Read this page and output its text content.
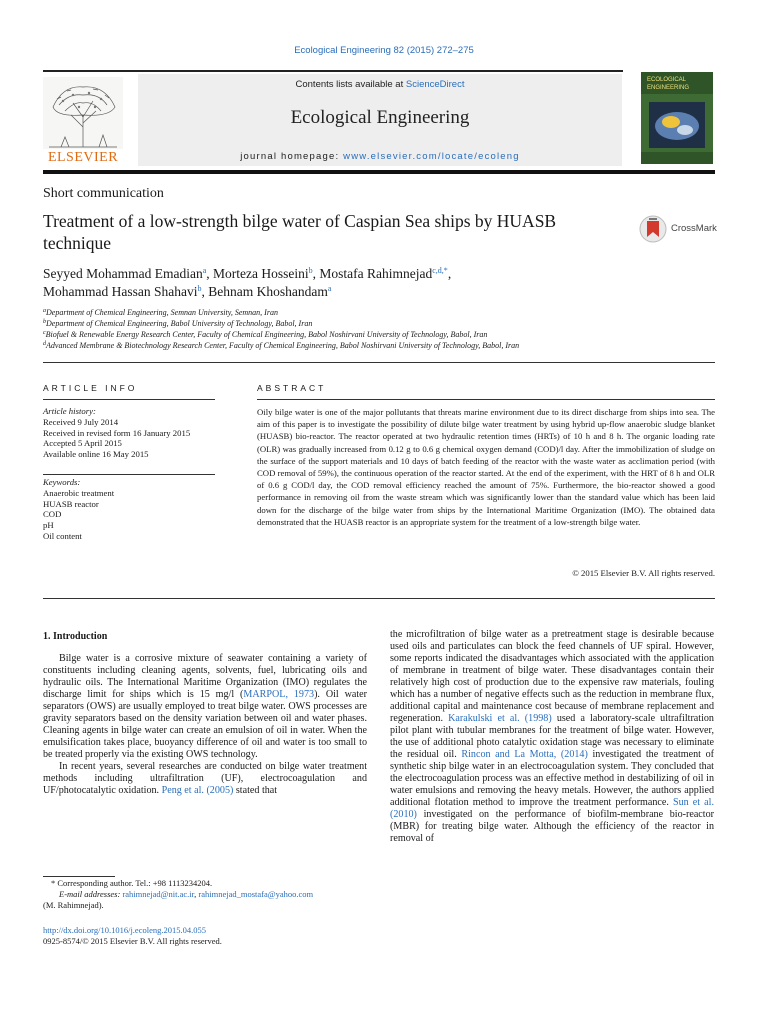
Ecological Engineering 82 (2015) 272–275
ELSEVIER
Contents lists available at ScienceDirect
Ecological Engineering
journal homepage: www.elsevier.com/locate/ecoleng
ECOLOGICAL
ENGINEERING
Short communication
Treatment of a low-strength bilge water of Caspian Sea ships by HUASB technique
CrossMark
Seyyed Mohammad Emadian$^a$, Morteza Hosseini$^b$, Mostafa Rahimnejad$^{c,d,*}$,
Mohammad Hassan Shahavi$^b$, Behnam Khoshandam$^a$
$^a$Department of Chemical Engineering, Semnan University, Semnan, Iran
$^b$Department of Chemical Engineering, Babol University of Technology, Babol, Iran
$^c$Biofuel & Renewable Energy Research Center, Faculty of Chemical Engineering, Babol Noshirvani University of Technology, Babol, Iran
$^d$Advanced Membrane & Biotechnology Research Center, Faculty of Chemical Engineering, Babol Noshirvani University of Technology, Babol, Iran
ARTICLE INFO	ABSTRACT
Article history:
Received 9 July 2014
Received in revised form 16 January 2015
Accepted 5 April 2015
Available online 16 May 2015
Keywords:
Anaerobic treatment
HUASB reactor
COD
pH
Oil content
Oily bilge water is one of the major pollutants that threats marine environment due to its direct discharge from ships into sea. The aim of this paper is to investigate the possibility of dilute bilge water treatment by using hybrid up-flow anaerobic sludge blanket (HUASB) bio-reactor. The reactor operated at two hydraulic retention times (HRTs) of 10 h and 8 h. The organic loading rate (OLR) was gradually increased from 0.12 g to 0.6 g chemical oxygen demand (COD)/l day. After the immobilization of sludge on the surface of the support materials and 10 days of batch feeding of the reactor with the waste water as acclimation period (with COD removal of 59%), the continuous operation of the reactor started. At the end of the experiment, with the HRT of 8 h and OLR of 0.6 g COD/l day, the COD removal efficiency reached the amount of 75%. Furthermore, the bio-reactor showed a good performance in removing oil from the waste stream which was significantly lower than the standard value which has been laid down for the discharge of the bilge water from ships by the International Maritime Organization (IMO). The obtained data demonstrated that the HUASB reactor is an appropriate system for the treatment of a low-strength bilge water.
© 2015 Elsevier B.V. All rights reserved.
1. Introduction

Bilge water is a corrosive mixture of seawater containing a variety of constituents including cleaning agents, solvents, fuel, lubricating oils and hydraulic oils. The International Maritime Organization (IMO) regulates the discharge limit for ships which is 15 mg/l (MARPOL, 1973). Oil water separators (OWS) are usually employed to treat bilge water. OWS processes are gravity separators based on the density variation between oil and water phases. Cleaning agents in bilge water can create an emulsion of oil in water. When the emulsification takes place, buoyancy difference of oil and water is too small to be treated properly via the existing OWS technology.

In recent years, several researches are conducted on bilge water treatment methods including ultrafiltration (UF), electrocoagulation and UF/photocatalytic oxidation. Peng et al. (2005) stated that

the microfiltration of bilge water as a pretreatment stage is desirable because used oils and particulates can block the feed channels of UF spiral. However, some reports indicated the disadvantages which associated with the application of membrane in treatment of bilge water. These disadvantages contain their relatively high cost of production due to the expensive raw materials, fouling which has a number of negative effects such as the reduction in membrane flux, additional capital and maintenance cost because of membrane replacement and regeneration. Karakulski et al. (1998) used a laboratory-scale ultrafiltration pilot plant with tubular membranes for the treatment of bilge water. However, the use of additional photo catalytic oxidation stage was necessary to eliminate the residual oil. Rincon and La Motta, (2014) investigated the treatment of synthetic ship bilge water in an electrocoagulation system. They concluded that the electrocoagulation process was an effective method in destabilizing of oil in water emulsions and removing the heavy metals. However, the authors applied additional flotation method to improve the treatment performance. Sun et al. (2010) investigated on the performance of biofilm-membrane bio-reactor (MBR) for treating bilge water. Although the efficiency of the reactor in removal of
* Corresponding author. Tel.: +98 1113234204.
E-mail addresses: rahimnejad@nit.ac.ir, rahimnejad_mostafa@yahoo.com
(M. Rahimnejad).
http://dx.doi.org/10.1016/j.ecoleng.2015.04.055
0925-8574/© 2015 Elsevier B.V. All rights reserved.
